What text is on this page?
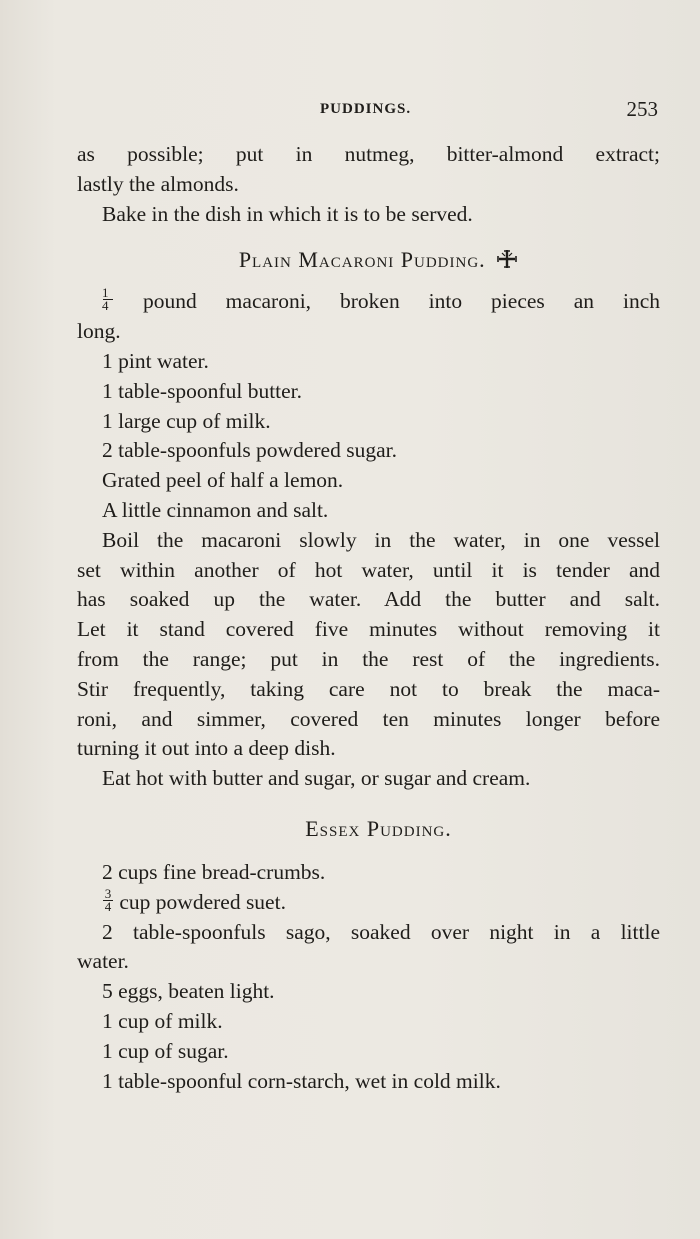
PUDDINGS.	253
as possible; put in nutmeg, bitter-almond extract;
lastly the almonds.
Bake in the dish in which it is to be served.
Plain Macaroni Pudding.
$\frac{1}{4}$ pound macaroni, broken into pieces an inch
long.
1 pint water.
1 table-spoonful butter.
1 large cup of milk.
2 table-spoonfuls powdered sugar.
Grated peel of half a lemon.
A little cinnamon and salt.
Boil the macaroni slowly in the water, in one vessel
set within another of hot water, until it is tender and
has soaked up the water. Add the butter and salt.
Let it stand covered five minutes without removing it
from the range; put in the rest of the ingredients.
Stir frequently, taking care not to break the maca-
roni, and simmer, covered ten minutes longer before
turning it out into a deep dish.
Eat hot with butter and sugar, or sugar and cream.
Essex Pudding.
2 cups fine bread-crumbs.
$\frac{3}{4}$ cup powdered suet.
2 table-spoonfuls sago, soaked over night in a little
water.
5 eggs, beaten light.
1 cup of milk.
1 cup of sugar.
1 table-spoonful corn-starch, wet in cold milk.
